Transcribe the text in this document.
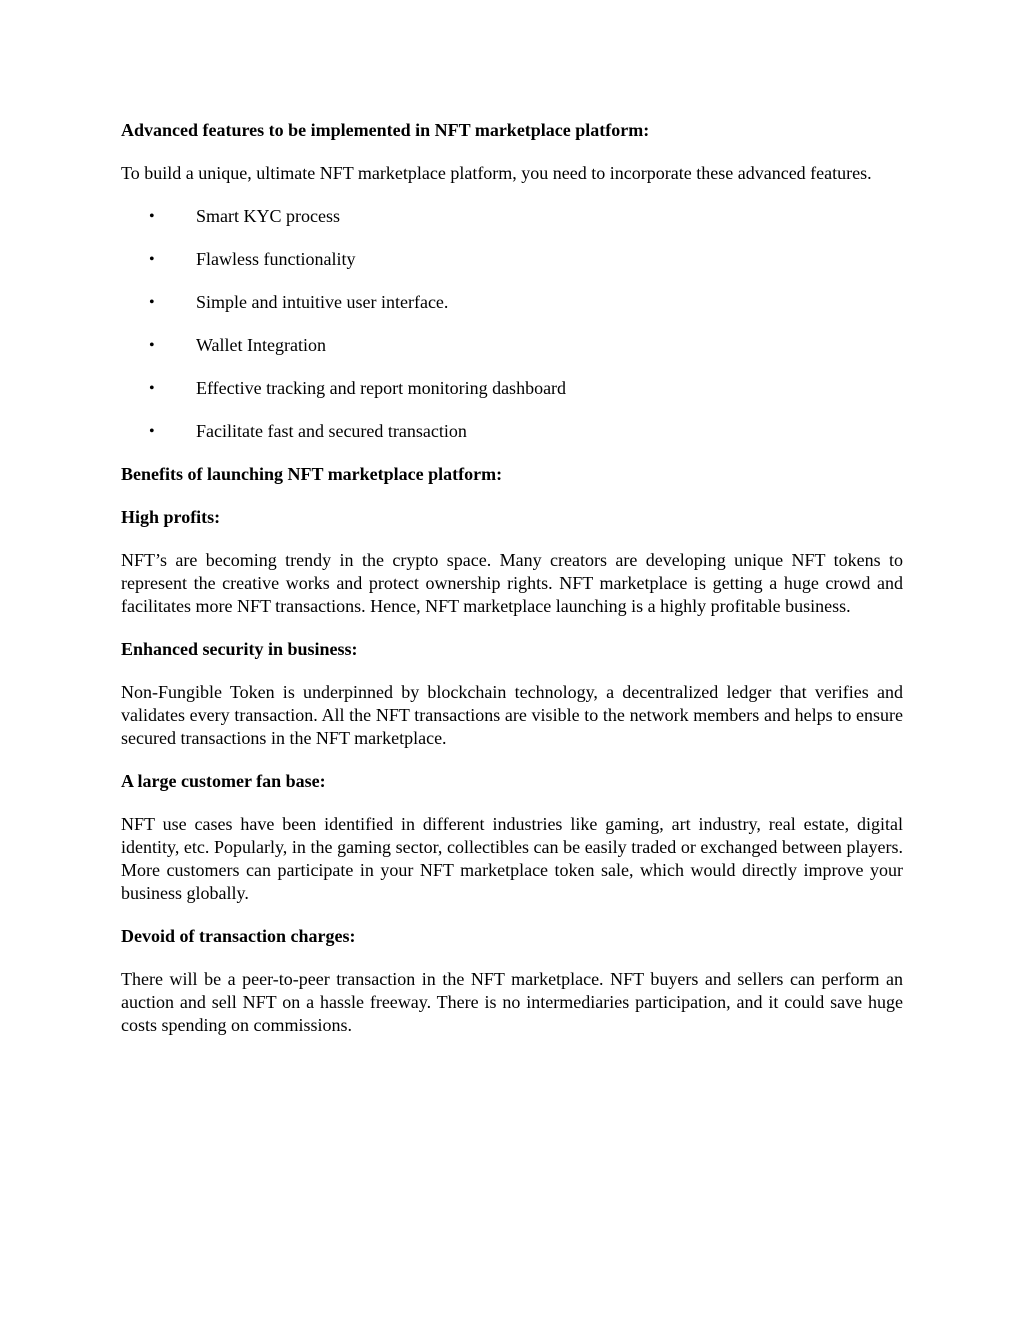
Advanced features to be implemented in NFT marketplace platform:
To build a unique, ultimate NFT marketplace platform, you need to incorporate these advanced features.
• Smart KYC process
• Flawless functionality
• Simple and intuitive user interface.
• Wallet Integration
• Effective tracking and report monitoring dashboard
• Facilitate fast and secured transaction
Benefits of launching NFT marketplace platform:
High profits:
NFT’s are becoming trendy in the crypto space. Many creators are developing unique NFT tokens to represent the creative works and protect ownership rights. NFT marketplace is getting a huge crowd and facilitates more NFT transactions. Hence, NFT marketplace launching is a highly profitable business.
Enhanced security in business:
Non-Fungible Token is underpinned by blockchain technology, a decentralized ledger that verifies and validates every transaction. All the NFT transactions are visible to the network members and helps to ensure secured transactions in the NFT marketplace.
A large customer fan base:
NFT use cases have been identified in different industries like gaming, art industry, real estate, digital identity, etc. Popularly, in the gaming sector, collectibles can be easily traded or exchanged between players. More customers can participate in your NFT marketplace token sale, which would directly improve your business globally.
Devoid of transaction charges:
There will be a peer-to-peer transaction in the NFT marketplace. NFT buyers and sellers can perform an auction and sell NFT on a hassle freeway. There is no intermediaries participation, and it could save huge costs spending on commissions.
